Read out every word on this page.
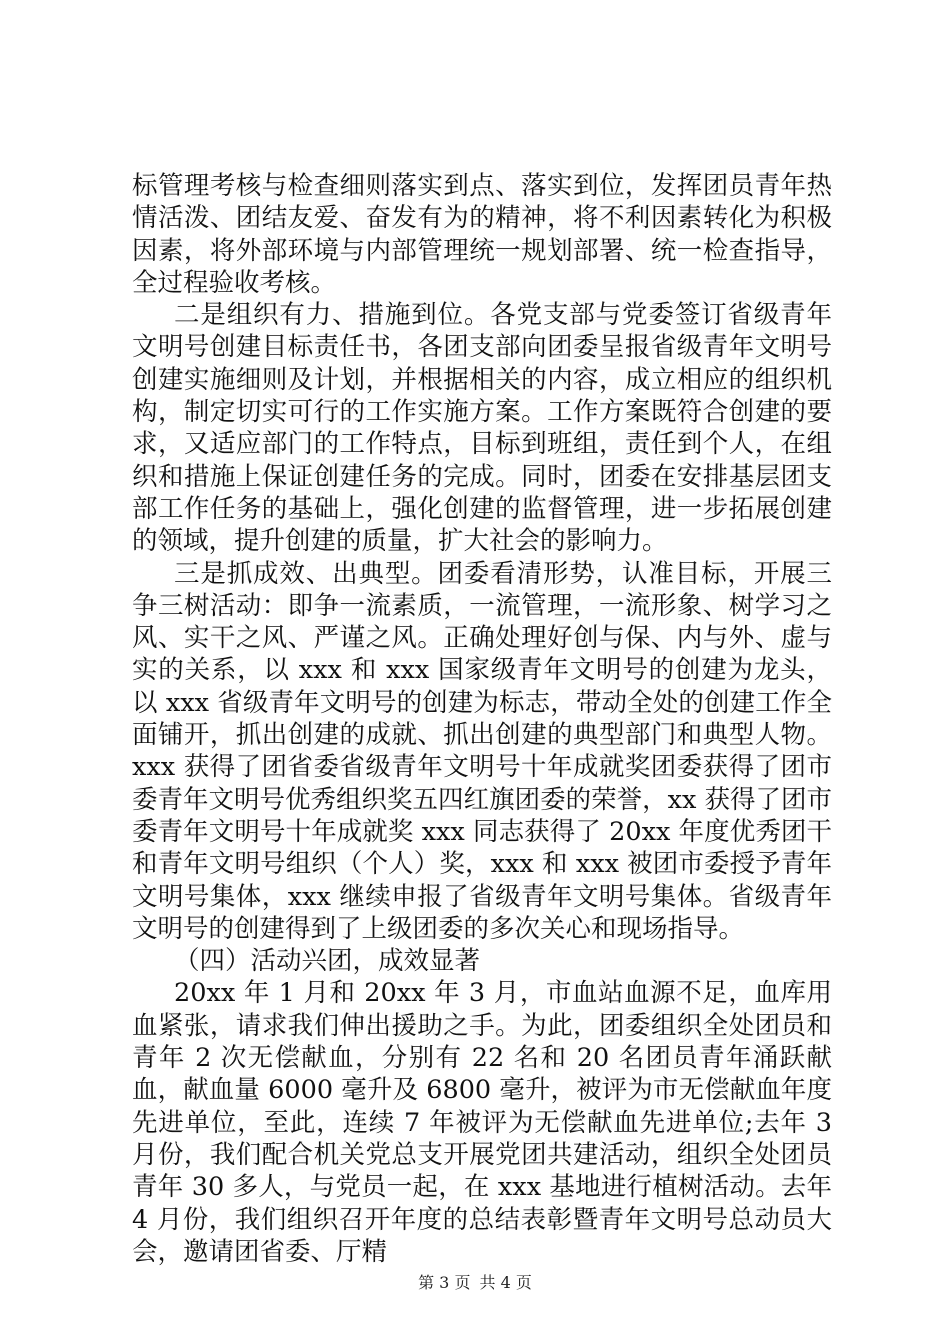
标管理考核与检查细则落实到点、落实到位，发挥团员青年热情活泼、团结友爱、奋发有为的精神，将不利因素转化为积极因素，将外部环境与内部管理统一规划部署、统一检查指导，全过程验收考核。

二是组织有力、措施到位。各党支部与党委签订省级青年文明号创建目标责任书，各团支部向团委呈报省级青年文明号创建实施细则及计划，并根据相关的内容，成立相应的组织机构，制定切实可行的工作实施方案。工作方案既符合创建的要求，又适应部门的工作特点，目标到班组，责任到个人，在组织和措施上保证创建任务的完成。同时，团委在安排基层团支部工作任务的基础上，强化创建的监督管理，进一步拓展创建的领域，提升创建的质量，扩大社会的影响力。

三是抓成效、出典型。团委看清形势，认准目标，开展三争三树活动：即争一流素质，一流管理，一流形象、树学习之风、实干之风、严谨之风。正确处理好创与保、内与外、虚与实的关系，以 xxx 和 xxx 国家级青年文明号的创建为龙头，以 xxx 省级青年文明号的创建为标志，带动全处的创建工作全面铺开，抓出创建的成就、抓出创建的典型部门和典型人物。xxx 获得了团省委省级青年文明号十年成就奖团委获得了团市委青年文明号优秀组织奖五四红旗团委的荣誉，xx 获得了团市委青年文明号十年成就奖 xxx 同志获得了 20xx 年度优秀团干和青年文明号组织（个人）奖，xxx 和 xxx 被团市委授予青年文明号集体，xxx 继续申报了省级青年文明号集体。省级青年文明号的创建得到了上级团委的多次关心和现场指导。

（四）活动兴团，成效显著

20xx 年 1 月和 20xx 年 3 月，市血站血源不足，血库用血紧张，请求我们伸出援助之手。为此，团委组织全处团员和青年 2 次无偿献血，分别有 22 名和 20 名团员青年涌跃献血，献血量 6000 毫升及 6800 毫升，被评为市无偿献血年度先进单位，至此，连续 7 年被评为无偿献血先进单位;去年 3 月份，我们配合机关党总支开展党团共建活动，组织全处团员青年 30 多人，与党员一起，在 xxx 基地进行植树活动。去年 4 月份，我们组织召开年度的总结表彰暨青年文明号总动员大会，邀请团省委、厅精

第 3 页 共 4 页
